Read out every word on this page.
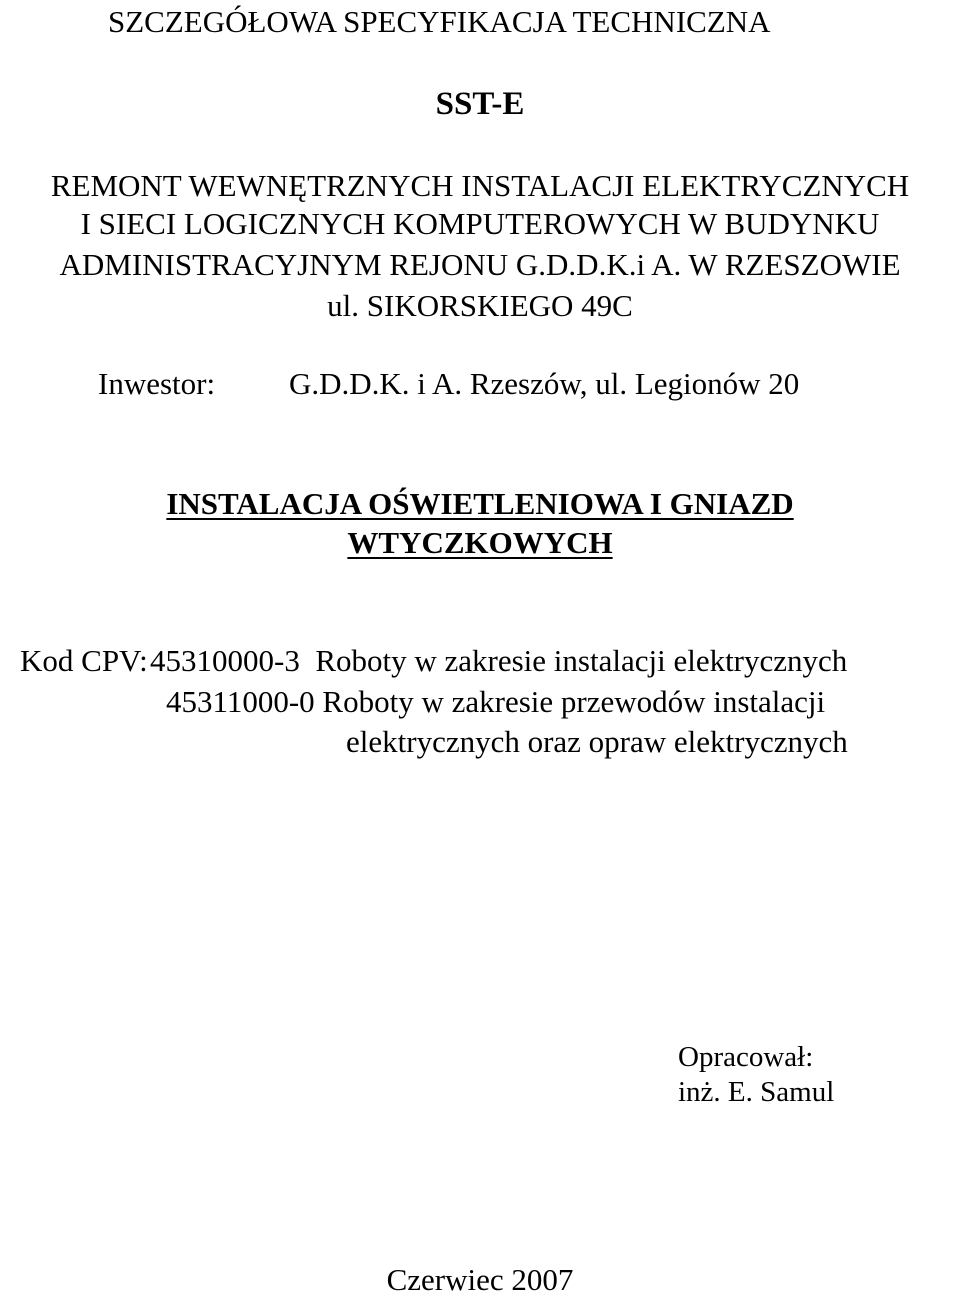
SZCZEGÓŁOWA SPECYFIKACJA TECHNICZNA
SST-E
REMONT WEWNĘTRZNYCH INSTALACJI ELEKTRYCZNYCH
I SIECI LOGICZNYCH KOMPUTEROWYCH W BUDYNKU
ADMINISTRACYJNYM REJONU G.D.D.K.i A. W RZESZOWIE
ul. SIKORSKIEGO 49C
Inwestor: G.D.D.K. i A. Rzeszów, ul. Legionów 20
INSTALACJA OŚWIETLENIOWA I GNIAZD
WTYCZKOWYCH
Kod CPV: 45310000-3  Roboty w zakresie instalacji elektrycznych
45311000-0 Roboty w zakresie przewodów instalacji
elektrycznych oraz opraw elektrycznych
Opracował:
inż. E. Samul
Czerwiec 2007
